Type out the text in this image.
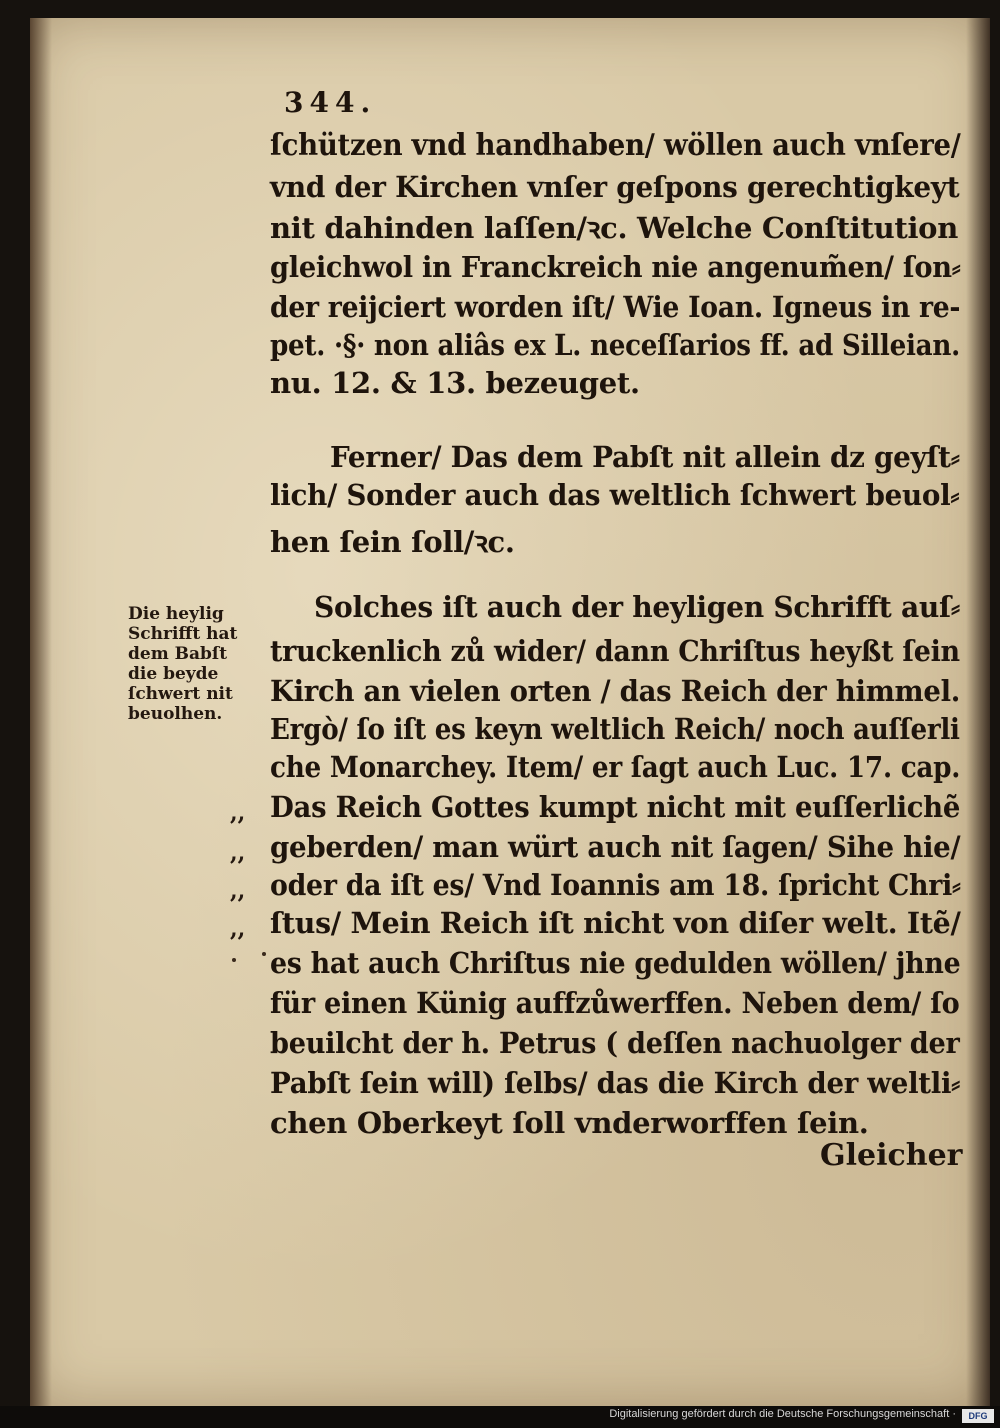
344.

ſchützen vnd handhaben/ wöllen auch vnſere/

vnd der Kirchen vnſer geſpons gerechtigkeyt

nit dahinden laſſen/ꝛc. Welche Conſtitution

gleichwol in Franckreich nie angenum̃en/ ſon⸗

der reijciert worden iſt/ Wie Ioan. Igneus in re-

pet. ·§· non aliâs ex L. neceſſarios ff. ad Silleian.

nu. 12. & 13. bezeuget.

Ferner/ Das dem Pabſt nit allein dz geyſt⸗

lich/ Sonder auch das weltlich ſchwert beuol⸗

hen ſein ſoll/ꝛc.

Solches iſt auch der heyligen Schrifft auſ⸗

truckenlich zů wider/ dann Chriſtus heyßt ſein

Kirch an vielen orten / das Reich der himmel.

Ergò/ ſo iſt es keyn weltlich Reich/ noch auſſerli

che Monarchey. Item/ er ſagt auch Luc. 17. cap.

Das Reich Gottes kumpt nicht mit euſſerlichẽ

geberden/ man würt auch nit ſagen/ Sihe hie/

oder da iſt es/ Vnd Ioannis am 18. ſpricht Chri⸗

ſtus/ Mein Reich iſt nicht von diſer welt. Itẽ/

es hat auch Chriſtus nie gedulden wöllen/ jhne

für einen Künig auffzůwerffen. Neben dem/ ſo

beuilcht der h. Petrus ( deſſen nachuolger der

Pabſt ſein will) ſelbs/ das die Kirch der weltli⸗

chen Oberkeyt ſoll vnderworffen ſein.

Die heylig
Schrifft hat
dem Babſt
die beyde
ſchwert nit
beuolhen.
,,
,,
,,
,,
Gleicher
Digitalisierung gefördert durch die Deutsche Forschungsgemeinschaft ·	DFG
